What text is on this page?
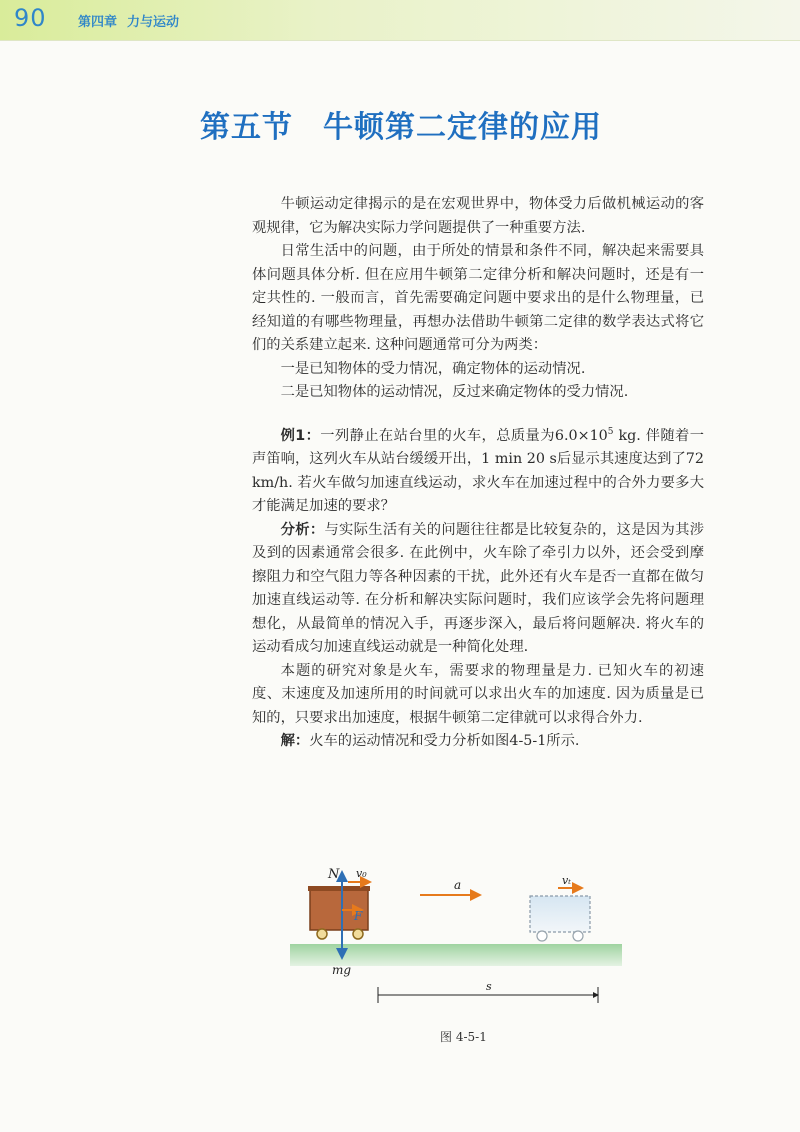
90 第四章 力与运动
第五节 牛顿第二定律的应用

牛顿运动定律揭示的是在宏观世界中，物体受力后做机械运动的客观规律，它为解决实际力学问题提供了一种重要方法.

日常生活中的问题，由于所处的情景和条件不同，解决起来需要具体问题具体分析. 但在应用牛顿第二定律分析和解决问题时，还是有一定共性的. 一般而言，首先需要确定问题中要求出的是什么物理量，已经知道的有哪些物理量，再想办法借助牛顿第二定律的数学表达式将它们的关系建立起来. 这种问题通常可分为两类：

一是已知物体的受力情况，确定物体的运动情况.

二是已知物体的运动情况，反过来确定物体的受力情况.

例1：一列静止在站台里的火车，总质量为$6.0\times 10^5$ kg. 伴随着一声笛响，这列火车从站台缓缓开出，1 min 20 s后显示其速度达到了72 km/h. 若火车做匀加速直线运动，求火车在加速过程中的合外力要多大才能满足加速的要求？

分析：与实际生活有关的问题往往都是比较复杂的，这是因为其涉及到的因素通常会很多. 在此例中，火车除了牵引力以外，还会受到摩擦阻力和空气阻力等各种因素的干扰，此外还有火车是否一直都在做匀加速直线运动等. 在分析和解决实际问题时，我们应该学会先将问题理想化，从最简单的情况入手，再逐步深入，最后将问题解决. 将火车的运动看成匀加速直线运动就是一种简化处理.

本题的研究对象是火车，需要求的物理量是力. 已知火车的初速度、末速度及加速所用的时间就可以求出火车的加速度. 因为质量是已知的，只要求出加速度，根据牛顿第二定律就可以求得合外力.

解：火车的运动情况和受力分析如图4-5-1所示.

N v₀
a	vₜ
F
mg
s
图 4-5-1
